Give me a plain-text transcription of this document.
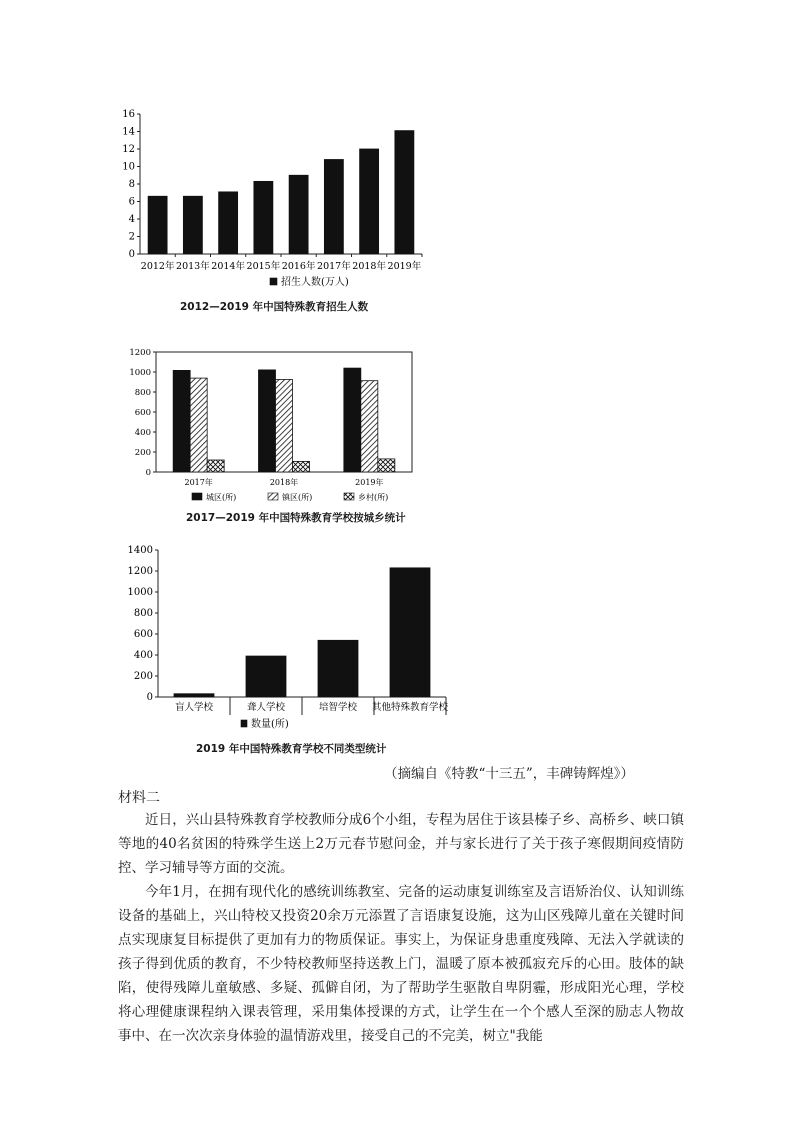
0
2
4
6
8
10
12
14
16
2012年 2013年 2014年 2015年 2016年 2017年 2018年 2019年
招生人数(万人)
2012—2019 年中国特殊教育招生人数
0
200
400
600
800
1000
1200
2017年	2018年	2019年
城区(所)	镇区(所)	乡村(所)
2017—2019 年中国特殊教育学校按城乡统计
0
200
400
600
800
1000
1200
1400
盲人学校	聋人学校	培智学校 其他特殊教育学校
数量(所)
2019 年中国特殊教育学校不同类型统计
（摘编自《特教“十三五”，丰碑铸辉煌》）
材料二

近日，兴山县特殊教育学校教师分成6个小组，专程为居住于该县榛子乡、高桥乡、峡口镇等地的40名贫困的特殊学生送上2万元春节慰问金，并与家长进行了关于孩子寒假期间疫情防控、学习辅导等方面的交流。

今年1月，在拥有现代化的感统训练教室、完备的运动康复训练室及言语矫治仪、认知训练设备的基础上，兴山特校又投资20余万元添置了言语康复设施，这为山区残障儿童在关键时间点实现康复目标提供了更加有力的物质保证。事实上，为保证身患重度残障、无法入学就读的孩子得到优质的教育，不少特校教师坚持送教上门，温暖了原本被孤寂充斥的心田。肢体的缺陷，使得残障儿童敏感、多疑、孤僻自闭，为了帮助学生驱散自卑阴霾，形成阳光心理，学校将心理健康课程纳入课表管理，采用集体授课的方式，让学生在一个个感人至深的励志人物故事中、在一次次亲身体验的温情游戏里，接受自己的不完美，树立"我能
